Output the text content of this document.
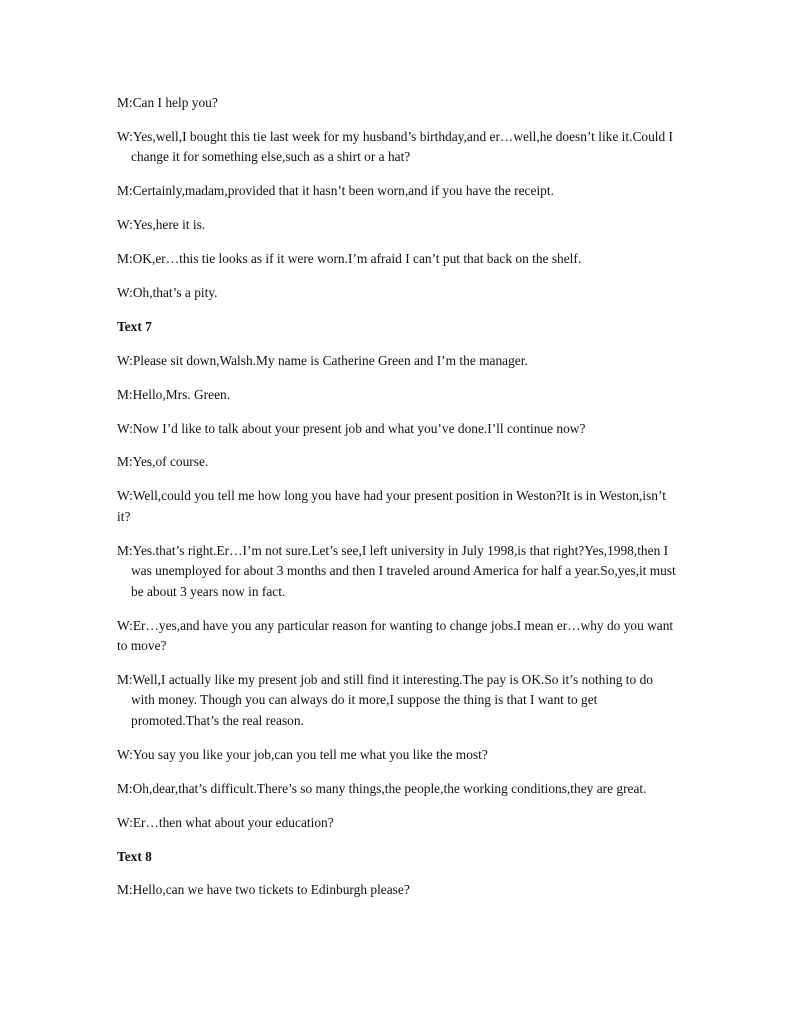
M:Can I help you?

W:Yes,well,I bought this tie last week for my husband’s birthday,and er…well,he doesn’t like it.Could I change it for something else,such as a shirt or a hat?

M:Certainly,madam,provided that it hasn’t been worn,and if you have the receipt.

W:Yes,here it is.

M:OK,er…this tie looks as if it were worn.I’m afraid I can’t put that back on the shelf.

W:Oh,that’s a pity.

Text 7

W:Please sit down,Walsh.My name is Catherine Green and I’m the manager.

M:Hello,Mrs. Green.

W:Now I’d like to talk about your present job and what you’ve done.I’ll continue now?

M:Yes,of course.

W:Well,could you tell me how long you have had your present position in Weston?It is in Weston,isn’t it?

M:Yes.that’s right.Er…I’m not sure.Let’s see,I left university in July 1998,is that right?Yes,1998,then I was unemployed for about 3 months and then I traveled around America for half a year.So,yes,it must be about 3 years now in fact.

W:Er…yes,and have you any particular reason for wanting to change jobs.I mean er…why do you want to move?

M:Well,I actually like my present job and still find it interesting.The pay is OK.So it’s nothing to do with money. Though you can always do it more,I suppose the thing is that I want to get promoted.That’s the real reason.

W:You say you like your job,can you tell me what you like the most?

M:Oh,dear,that’s difficult.There’s so many things,the people,the working conditions,they are great.

W:Er…then what about your education?

Text 8

M:Hello,can we have two tickets to Edinburgh please?
